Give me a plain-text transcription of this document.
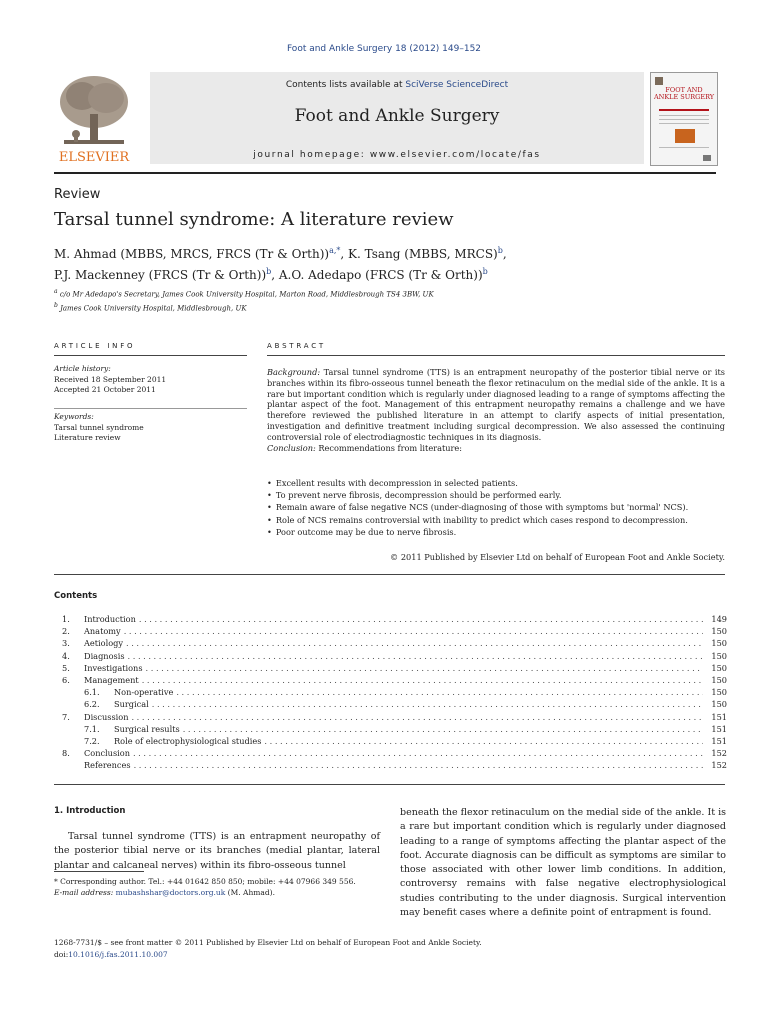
Foot and Ankle Surgery 18 (2012) 149–152
ELSEVIER
Contents lists available at SciVerse ScienceDirect
Foot and Ankle Surgery
journal homepage: www.elsevier.com/locate/fas
FOOT AND ANKLE SURGERY
Review
Tarsal tunnel syndrome: A literature review
M. Ahmad (MBBS, MRCS, FRCS (Tr & Orth))$^{a,*}$, K. Tsang (MBBS, MRCS)$^b$,
P.J. Mackenney (FRCS (Tr & Orth))$^b$, A.O. Adedapo (FRCS (Tr & Orth))$^b$
$^a$ c/o Mr Adedapo's Secretary, James Cook University Hospital, Marton Road, Middlesbrough TS4 3BW, UK
$^b$ James Cook University Hospital, Middlesbrough, UK
ARTICLE INFO	ABSTRACT
Article history:
Received 18 September 2011
Accepted 21 October 2011
Keywords:
Tarsal tunnel syndrome
Literature review
Background: Tarsal tunnel syndrome (TTS) is an entrapment neuropathy of the posterior tibial nerve or its branches within its fibro-osseous tunnel beneath the flexor retinaculum on the medial side of the ankle. It is a rare but important condition which is regularly under diagnosed leading to a range of symptoms affecting the plantar aspect of the foot. Management of this entrapment neuropathy remains a challenge and we have therefore reviewed the published literature in an attempt to clarify aspects of initial presentation, investigation and definitive treatment including surgical decompression. We also assessed the continuing controversial role of electrodiagnostic techniques in its diagnosis.
Conclusion: Recommendations from literature:
• Excellent results with decompression in selected patients.
• To prevent nerve fibrosis, decompression should be performed early.
• Remain aware of false negative NCS (under-diagnosing of those with symptoms but 'normal' NCS).
• Role of NCS remains controversial with inability to predict which cases respond to decompression.
• Poor outcome may be due to nerve fibrosis.
© 2011 Published by Elsevier Ltd on behalf of European Foot and Ankle Society.
Contents
1.	Introduction . . .	149
2.	Anatomy . . .	150
3.	Aetiology . . .	150
4.	Diagnosis . . .	150
5.	Investigations . . .	150
6.	Management . . .	150
6.1.	Non-operative . . .	150
6.2.	Surgical . . .	150
7.	Discussion . . .	151
7.1.	Surgical results . . .	151
7.2.	Role of electrophysiological studies . . .	151
8.	Conclusion . . .	152
References . . .	152
1. Introduction
Tarsal tunnel syndrome (TTS) is an entrapment neuropathy of the posterior tibial nerve or its branches (medial plantar, lateral plantar and calcaneal nerves) within its fibro-osseous tunnel
beneath the flexor retinaculum on the medial side of the ankle. It is a rare but important condition which is regularly under diagnosed leading to a range of symptoms affecting the plantar aspect of the foot. Accurate diagnosis can be difficult as symptoms are similar to those associated with other lower limb conditions. In addition, controversy remains with false negative electrophysiological studies contributing to the under diagnosis. Surgical intervention may benefit cases where a definite point of entrapment is found.
* Corresponding author. Tel.: +44 01642 850 850; mobile: +44 07966 349 556.
E-mail address: mubashshar@doctors.org.uk (M. Ahmad).
1268-7731/$ – see front matter © 2011 Published by Elsevier Ltd on behalf of European Foot and Ankle Society.
doi:10.1016/j.fas.2011.10.007
